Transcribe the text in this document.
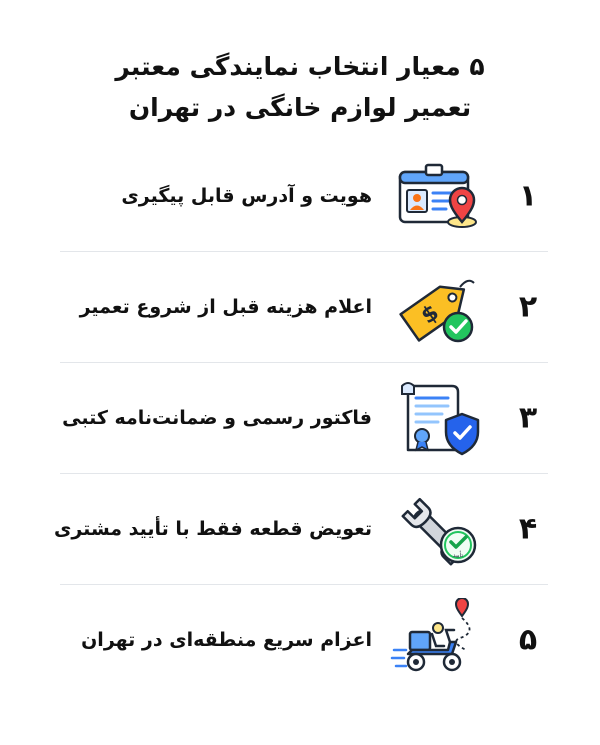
۵ معیار انتخاب نمایندگی معتبر
تعمیر لوازم خانگی در تهران
۱
هویت و آدرس قابل پیگیری
۲
$
اعلام هزینه قبل از شروع تعمیر
۳
فاکتور رسمی و ضمانت‌نامه کتبی
۴
تأیید
تعویض قطعه فقط با تأیید مشتری
۵
اعزام سریع منطقه‌ای در تهران
